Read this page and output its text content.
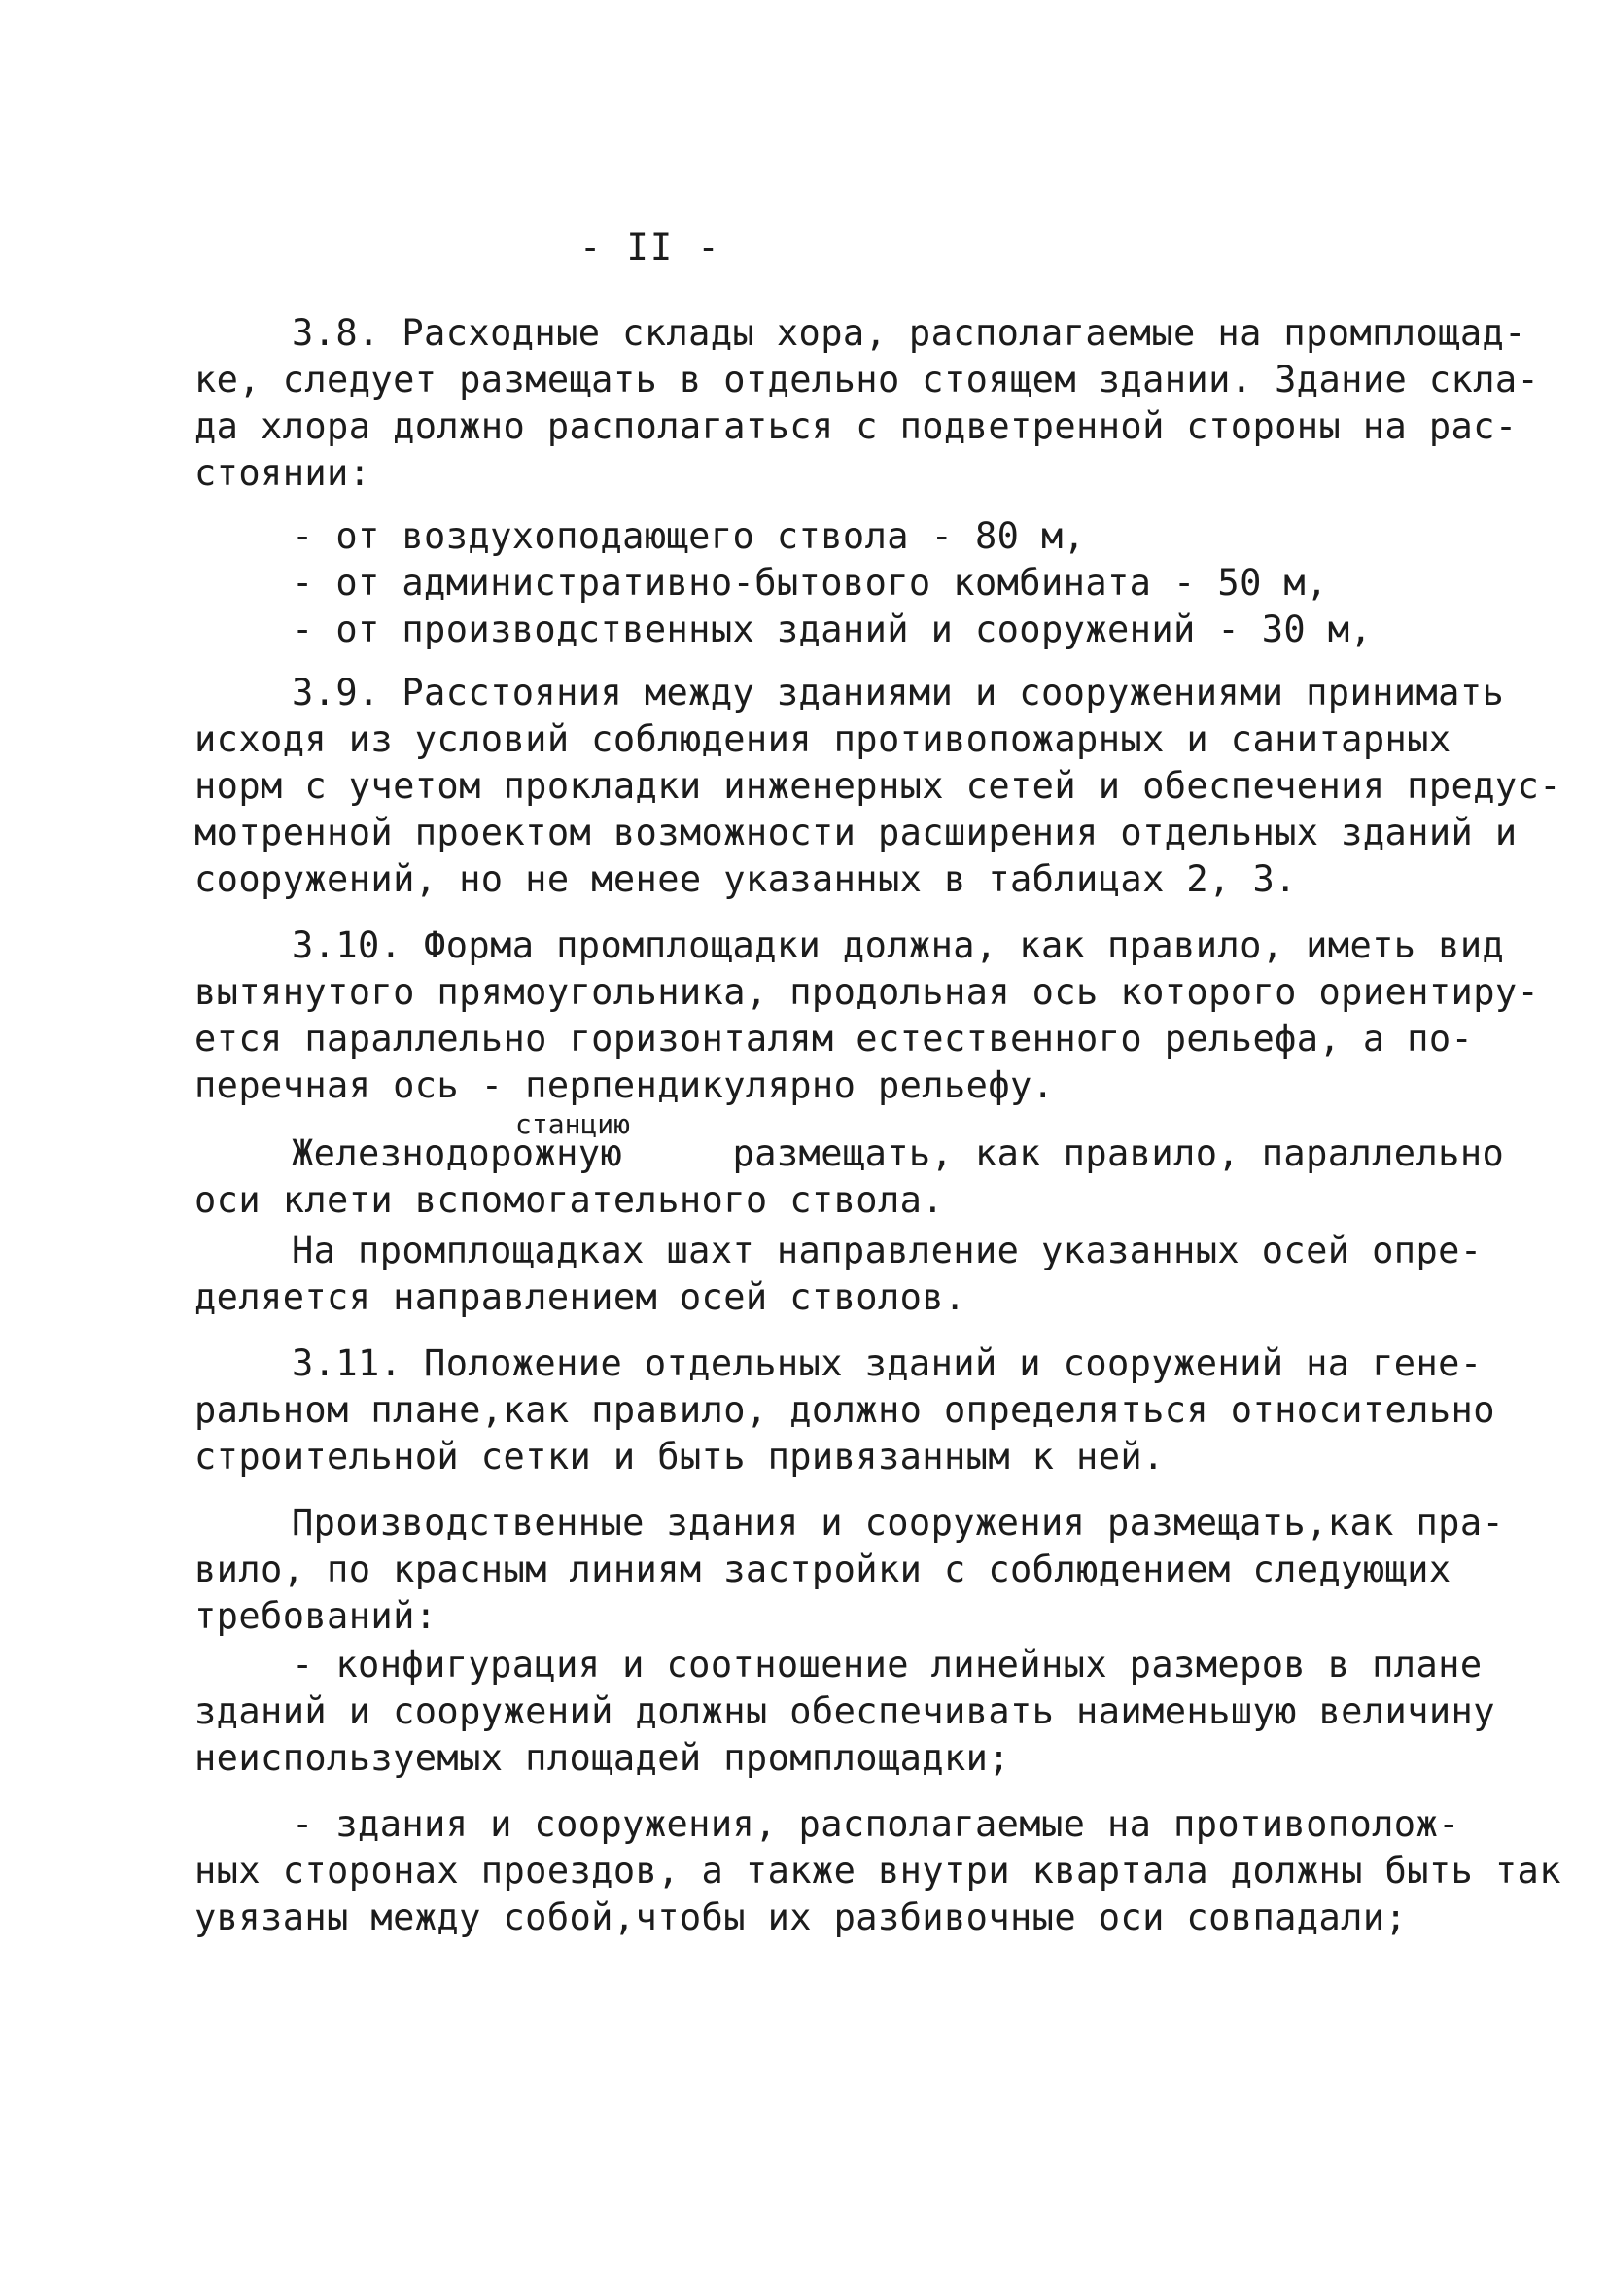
- II -
3.8. Расходные склады хора, располагаемые на промплощад-
ке, следует размещать в отдельно стоящем здании. Здание скла-
да хлора должно располагаться с подветренной стороны на рас-
стоянии:
- от воздухоподающего ствола - 80 м,
- от административно-бытового комбината - 50 м,
- от производственных зданий и сооружений - 30 м,
3.9. Расстояния между зданиями и сооружениями принимать
исходя из условий соблюдения противопожарных и санитарных
норм с учетом прокладки инженерных сетей и обеспечения предус-
мотренной проектом возможности расширения отдельных зданий и
сооружений, но не менее указанных в таблицах 2, 3.
3.10. Форма промплощадки должна, как правило, иметь вид
вытянутого прямоугольника, продольная ось которого ориентиру-
ется параллельно горизонталям естественного рельефа, а по-
перечная ось - перпендикулярно рельефу.
станцию
Железнодорожную     размещать, как правило, параллельно
оси клети вспомогательного ствола.
На промплощадках шахт направление указанных осей опре-
деляется направлением осей стволов.
3.11. Положение отдельных зданий и сооружений на гене-
ральном плане,как правило, должно определяться относительно
строительной сетки и быть привязанным к ней.
Производственные здания и сооружения размещать,как пра-
вило, по красным линиям застройки с соблюдением следующих
требований:
- конфигурация и соотношение линейных размеров в плане
зданий и сооружений должны обеспечивать наименьшую величину
неиспользуемых площадей промплощадки;
- здания и сооружения, располагаемые на противополож-
ных сторонах проездов, а также внутри квартала должны быть так
увязаны между собой,чтобы их разбивочные оси совпадали;
